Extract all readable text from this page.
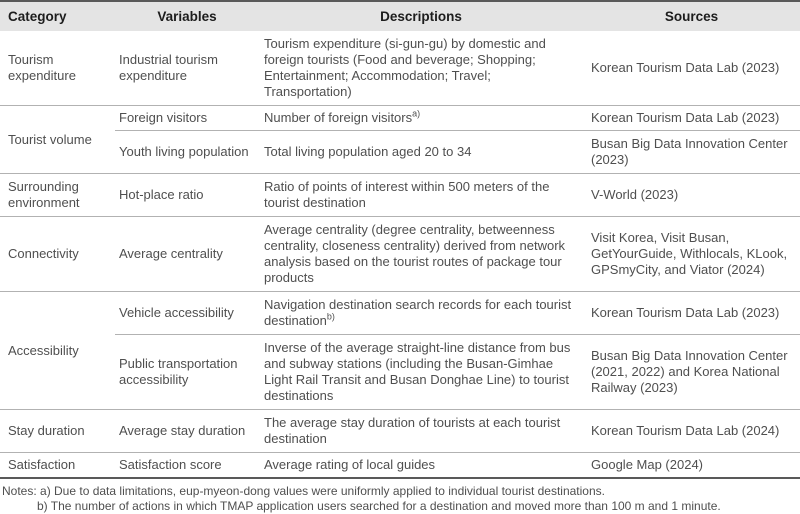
Category	Variables	Descriptions	Sources
Tourism expenditure	Industrial tourism expenditure	Tourism expenditure (si-gun-gu) by domestic and foreign tourists (Food and beverage; Shopping; Entertainment; Accommodation; Travel; Transportation)	Korean Tourism Data Lab (2023)
Tourist volume	Foreign visitors	Number of foreign visitors$^{a)}$	Korean Tourism Data Lab (2023)
	Youth living population	Total living population aged 20 to 34	Busan Big Data Innovation Center (2023)
Surrounding environment	Hot-place ratio	Ratio of points of interest within 500 meters of the tourist destination	V-World (2023)
Connectivity	Average centrality	Average centrality (degree centrality, betweenness centrality, closeness centrality) derived from network analysis based on the tourist routes of package tour products	Visit Korea, Visit Busan, GetYourGuide, Withlocals, KLook, GPSmyCity, and Viator (2024)
Accessibility	Vehicle accessibility	Navigation destination search records for each tourist destination$^{b)}$	Korean Tourism Data Lab (2023)
	Public transportation accessibility	Inverse of the average straight-line distance from bus and subway stations (including the Busan-Gimhae Light Rail Transit and Busan Donghae Line) to tourist destinations	Busan Big Data Innovation Center (2021, 2022) and Korea National Railway (2023)
Stay duration	Average stay duration	The average stay duration of tourists at each tourist destination	Korean Tourism Data Lab (2024)
Satisfaction	Satisfaction score	Average rating of local guides	Google Map (2024)
Notes: a) Due to data limitations, eup-myeon-dong values were uniformly applied to individual tourist destinations.
b) The number of actions in which TMAP application users searched for a destination and moved more than 100 m and 1 minute.
